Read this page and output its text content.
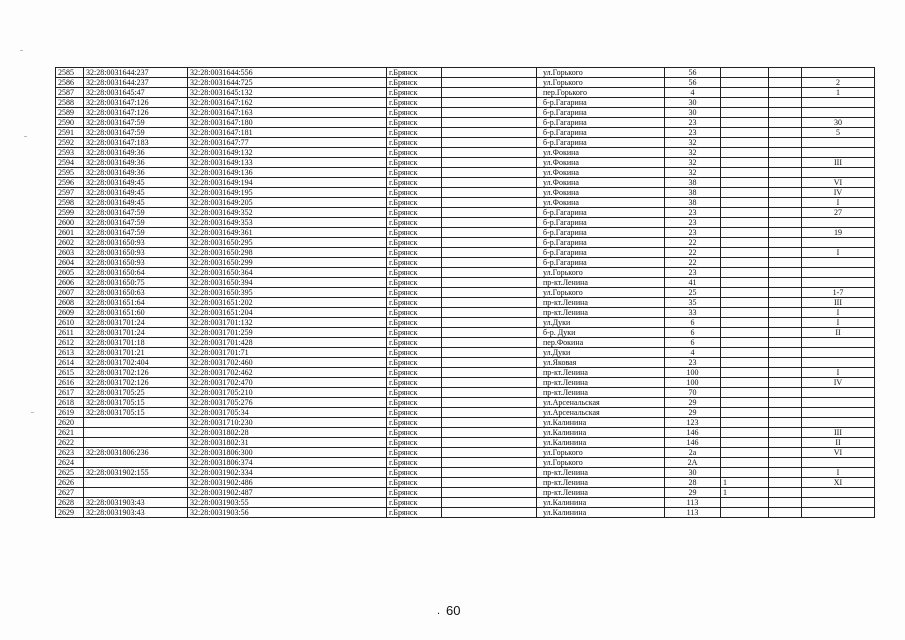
2585	32:28:0031644:237	32:28:0031644:556	г.Брянск		ул.Горького	56			
2586	32:28:0031644:237	32:28:0031644:725	г.Брянск		ул.Горького	56			2
2587	32:28:0031645:47	32:28:0031645:132	г.Брянск		пер.Горького	4			1
2588	32:28:0031647:126	32:28:0031647:162	г.Брянск		б-р.Гагарина	30			
2589	32:28:0031647:126	32:28:0031647:163	г.Брянск		б-р.Гагарина	30			
2590	32:28:0031647:59	32:28:0031647:180	г.Брянск		б-р.Гагарина	23			30
2591	32:28:0031647:59	32:28:0031647:181	г.Брянск		б-р.Гагарина	23			5
2592	32:28:0031647:183	32:28:0031647:77	г.Брянск		б-р.Гагарина	32			
2593	32:28:0031649:36	32:28:0031649:132	г.Брянск		ул.Фокина	32			
2594	32:28:0031649:36	32:28:0031649:133	г.Брянск		ул.Фокина	32			III
2595	32:28:0031649:36	32:28:0031649:136	г.Брянск		ул.Фокина	32			
2596	32:28:0031649:45	32:28:0031649:194	г.Брянск		ул.Фокина	38			VI
2597	32:28:0031649:45	32:28:0031649:195	г.Брянск		ул.Фокина	38			IV
2598	32:28:0031649:45	32:28:0031649:205	г.Брянск		ул.Фокина	38			I
2599	32:28:0031647:59	32:28:0031649:352	г.Брянск		б-р.Гагарина	23			27
2600	32:28:0031647:59	32:28:0031649:353	г.Брянск		б-р.Гагарина	23			
2601	32:28:0031647:59	32:28:0031649:361	г.Брянск		б-р.Гагарина	23			19
2602	32:28:0031650:93	32:28:0031650:295	г.Брянск		б-р.Гагарина	22			
2603	32:28:0031650:93	32:28:0031650:298	г.Брянск		б-р.Гагарина	22			I
2604	32:28:0031650:93	32:28:0031650:299	г.Брянск		б-р.Гагарина	22			
2605	32:28:0031650:64	32:28:0031650:364	г.Брянск		ул.Горького	23			
2606	32:28:0031650:75	32:28:0031650:394	г.Брянск		пр-кт.Ленина	41			
2607	32:28:0031650:63	32:28:0031650:395	г.Брянск		ул.Горького	25			1-7
2608	32:28:0031651:64	32:28:0031651:202	г.Брянск		пр-кт.Ленина	35			III
2609	32:28:0031651:60	32:28:0031651:204	г.Брянск		пр-кт.Ленина	33			I
2610	32:28:0031701:24	32:28:0031701:132	г.Брянск		ул.Дуки	6			I
2611	32:28:0031701:24	32:28:0031701:259	г.Брянск		б-р. Дуки	6			II
2612	32:28:0031701:18	32:28:0031701:428	г.Брянск		пер.Фокина	6			
2613	32:28:0031701:21	32:28:0031701:71	г.Брянск		ул.Дуки	4			
2614	32:28:0031702:404	32:28:0031702:460	г.Брянск		ул.Яковая	23			
2615	32:28:0031702:126	32:28:0031702:462	г.Брянск		пр-кт.Ленина	100			I
2616	32:28:0031702:126	32:28:0031702:470	г.Брянск		пр-кт.Ленина	100			IV
2617	32:28:0031705:25	32:28:0031705:210	г.Брянск		пр-кт.Ленина	70			
2618	32:28:0031705:15	32:28:0031705:276	г.Брянск		ул.Арсенальская	29			
2619	32:28:0031705:15	32:28:0031705:34	г.Брянск		ул.Арсенальская	29			
2620		32:28:0031710:230	г.Брянск		ул.Калинина	123			
2621		32:28:0031802:28	г.Брянск		ул.Калинина	146			III
2622		32:28:0031802:31	г.Брянск		ул.Калинина	146			II
2623	32:28:0031806:236	32:28:0031806:300	г.Брянск		ул.Горького	2а			VI
2624		32:28:0031806:374	г.Брянск		ул.Горького	2А			
2625	32:28:0031902:155	32:28:0031902:334	г.Брянск		пр-кт.Ленина	30			I
2626		32:28:0031902:486	г.Брянск		пр-кт.Ленина	28	1		XI
2627		32:28:0031902:487	г.Брянск		пр-кт.Ленина	29	1		
2628	32:28:0031903:43	32:28:0031903:55	г.Брянск		ул.Калинина	113			
2629	32:28:0031903:43	32:28:0031903:56	г.Брянск		ул.Калинина	113			
. 60
